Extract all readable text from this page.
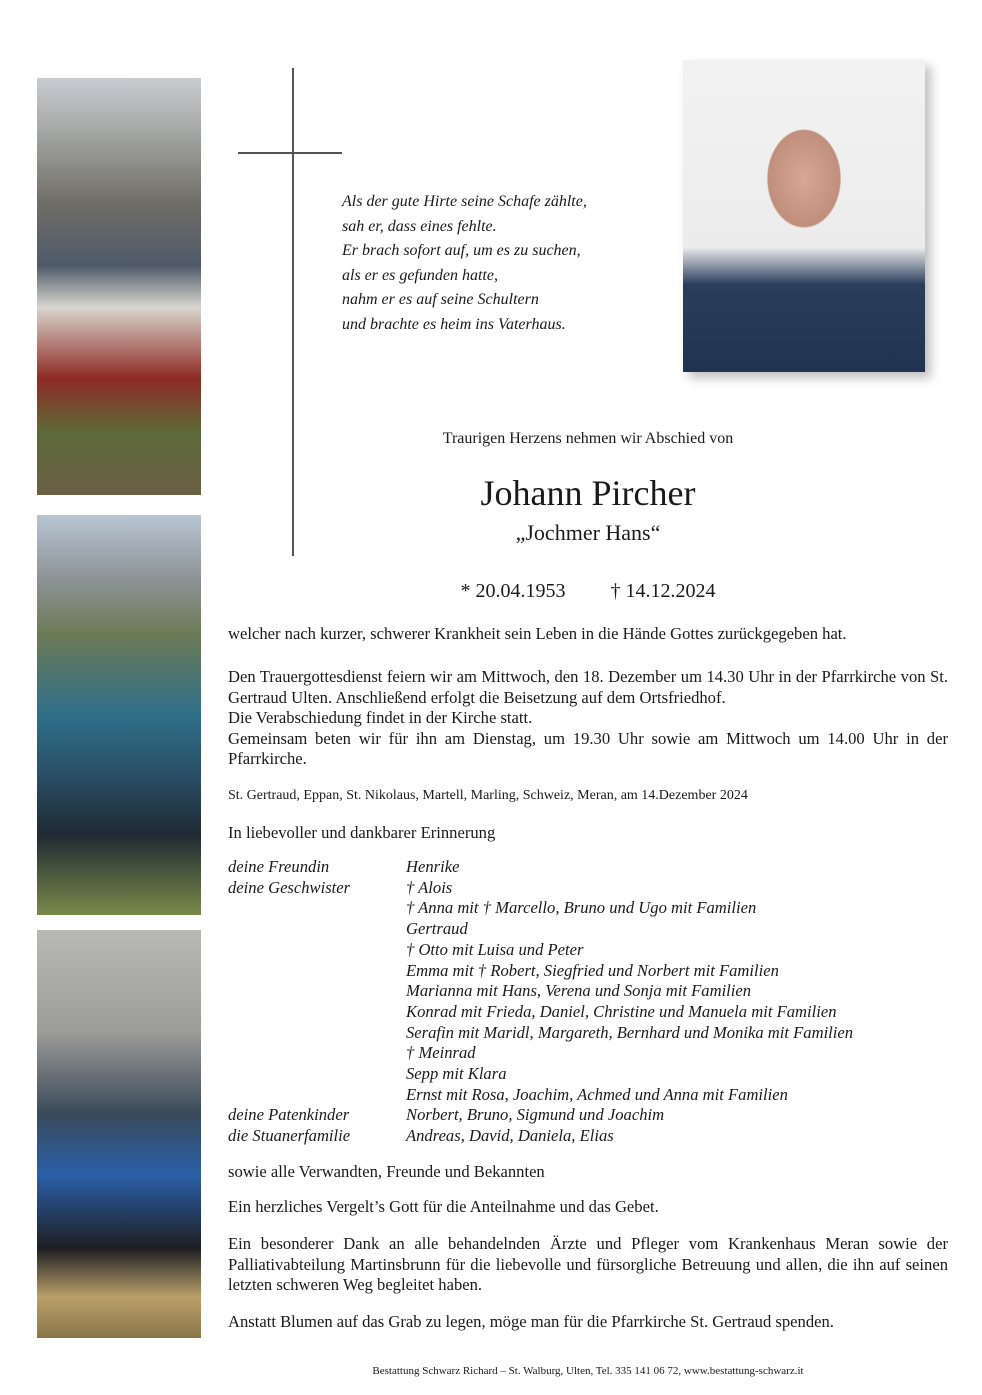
Als der gute Hirte seine Schafe zählte,
sah er, dass eines fehlte.
Er brach sofort auf, um es zu suchen,
als er es gefunden hatte,
nahm er es auf seine Schultern
und brachte es heim ins Vaterhaus.
Traurigen Herzens nehmen wir Abschied von
Johann Pircher
„Jochmer Hans“
* 20.04.1953 † 14.12.2024
welcher nach kurzer, schwerer Krankheit sein Leben in die Hände Gottes zurückgegeben hat.
Den Trauergottesdienst feiern wir am Mittwoch, den 18. Dezember um 14.30 Uhr in der Pfarrkirche von St. Gertraud Ulten. Anschließend erfolgt die Beisetzung auf dem Ortsfriedhof.
Die Verabschiedung findet in der Kirche statt.
Gemeinsam beten wir für ihn am Dienstag, um 19.30 Uhr sowie am Mittwoch um 14.00 Uhr in der Pfarrkirche.
St. Gertraud, Eppan, St. Nikolaus, Martell, Marling, Schweiz, Meran, am 14.Dezember 2024
In liebevoller und dankbarer Erinnerung
deine Freundin	Henrike
deine Geschwister	† Alois
† Anna mit † Marcello, Bruno und Ugo mit Familien
Gertraud
† Otto mit Luisa und Peter
Emma mit † Robert, Siegfried und Norbert mit Familien
Marianna mit Hans, Verena und Sonja mit Familien
Konrad mit Frieda, Daniel, Christine und Manuela mit Familien
Serafin mit Maridl, Margareth, Bernhard und Monika mit Familien
† Meinrad
Sepp mit Klara
Ernst mit Rosa, Joachim, Achmed und Anna mit Familien
deine Patenkinder	Norbert, Bruno, Sigmund und Joachim
die Stuanerfamilie	Andreas, David, Daniela, Elias
sowie alle Verwandten, Freunde und Bekannten
Ein herzliches Vergelt’s Gott für die Anteilnahme und das Gebet.
Ein besonderer Dank an alle behandelnden Ärzte und Pfleger vom Krankenhaus Meran sowie der Palliativabteilung Martinsbrunn für die liebevolle und fürsorgliche Betreuung und allen, die ihn auf seinen letzten schweren Weg begleitet haben.
Anstatt Blumen auf das Grab zu legen, möge man für die Pfarrkirche St. Gertraud spenden.
Bestattung Schwarz Richard – St. Walburg, Ulten, Tel. 335 141 06 72, www.bestattung-schwarz.it
